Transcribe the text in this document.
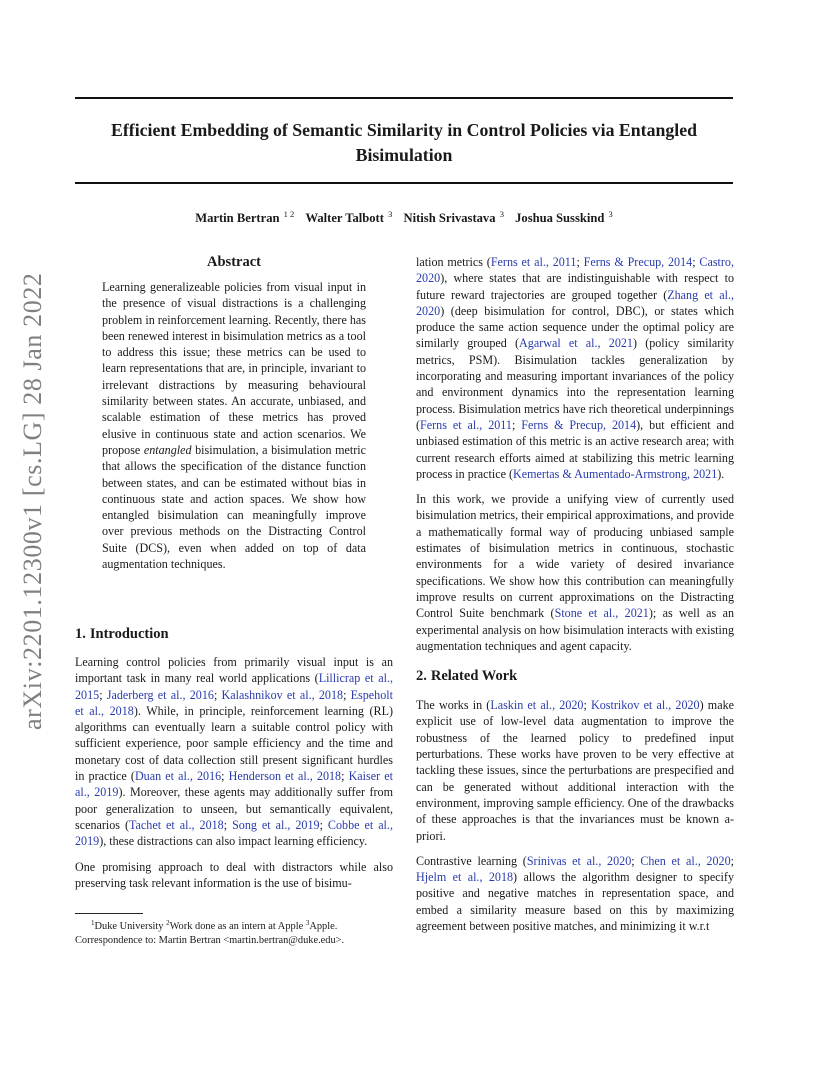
arXiv:2201.12300v1 [cs.LG] 28 Jan 2022
Efficient Embedding of Semantic Similarity in Control Policies via Entangled
Bisimulation
Martin Bertran $^{1 2}$ Walter Talbott $^3$ Nitish Srivastava $^3$ Joshua Susskind $^3$
Abstract

Learning generalizeable policies from visual input in the presence of visual distractions is a challenging problem in reinforcement learning. Recently, there has been renewed interest in bisimulation metrics as a tool to address this issue; these metrics can be used to learn representations that are, in principle, invariant to irrelevant distractions by measuring behavioural similarity between states. An accurate, unbiased, and scalable estimation of these metrics has proved elusive in continuous state and action scenarios. We propose entangled bisimulation, a bisimulation metric that allows the specification of the distance function between states, and can be estimated without bias in continuous state and action spaces. We show how entangled bisimulation can meaningfully improve over previous methods on the Distracting Control Suite (DCS), even when added on top of data augmentation techniques.

1. Introduction

Learning control policies from primarily visual input is an important task in many real world applications (Lillicrap et al., 2015; Jaderberg et al., 2016; Kalashnikov et al., 2018; Espeholt et al., 2018). While, in principle, reinforcement learning (RL) algorithms can eventually learn a suitable control policy with sufficient experience, poor sample efficiency and the time and monetary cost of data collection still present significant hurdles in practice (Duan et al., 2016; Henderson et al., 2018; Kaiser et al., 2019). Moreover, these agents may additionally suffer from poor generalization to unseen, but semantically equivalent, scenarios (Tachet et al., 2018; Song et al., 2019; Cobbe et al., 2019), these distractions can also impact learning efficiency.

One promising approach to deal with distractors while also preserving task relevant information is the use of bisimu-

lation metrics (Ferns et al., 2011; Ferns & Precup, 2014; Castro, 2020), where states that are indistinguishable with respect to future reward trajectories are grouped together (Zhang et al., 2020) (deep bisimulation for control, DBC), or states which produce the same action sequence under the optimal policy are similarly grouped (Agarwal et al., 2021) (policy similarity metrics, PSM). Bisimulation tackles generalization by incorporating and measuring important invariances of the policy and environment dynamics into the representation learning process. Bisimulation metrics have rich theoretical underpinnings (Ferns et al., 2011; Ferns & Precup, 2014), but efficient and unbiased estimation of this metric is an active research area; with current research efforts aimed at stabilizing this metric learning process in practice (Kemertas & Aumentado-Armstrong, 2021).

In this work, we provide a unifying view of currently used bisimulation metrics, their empirical approximations, and provide a mathematically formal way of producing unbiased sample estimates of bisimulation metrics in continuous, stochastic environments for a wide variety of desired invariance specifications. We show how this contribution can meaningfully improve results on current approximations on the Distracting Control Suite benchmark (Stone et al., 2021); as well as an experimental analysis on how bisimulation interacts with existing augmentation techniques and agent capacity.

2. Related Work

The works in (Laskin et al., 2020; Kostrikov et al., 2020) make explicit use of low-level data augmentation to improve the robustness of the learned policy to predefined input perturbations. These works have proven to be very effective at tackling these issues, since the perturbations are prespecified and can be generated without additional interaction with the environment, improving sample efficiency. One of the drawbacks of these approaches is that the invariances must be known a-priori.

Contrastive learning (Srinivas et al., 2020; Chen et al., 2020; Hjelm et al., 2018) allows the algorithm designer to specify positive and negative matches in representation space, and embed a similarity measure based on this by maximizing agreement between positive matches, and minimizing it w.r.t

$^1$Duke University $^2$Work done as an intern at Apple $^3$Apple.
Correspondence to: Martin Bertran <martin.bertran@duke.edu>.
